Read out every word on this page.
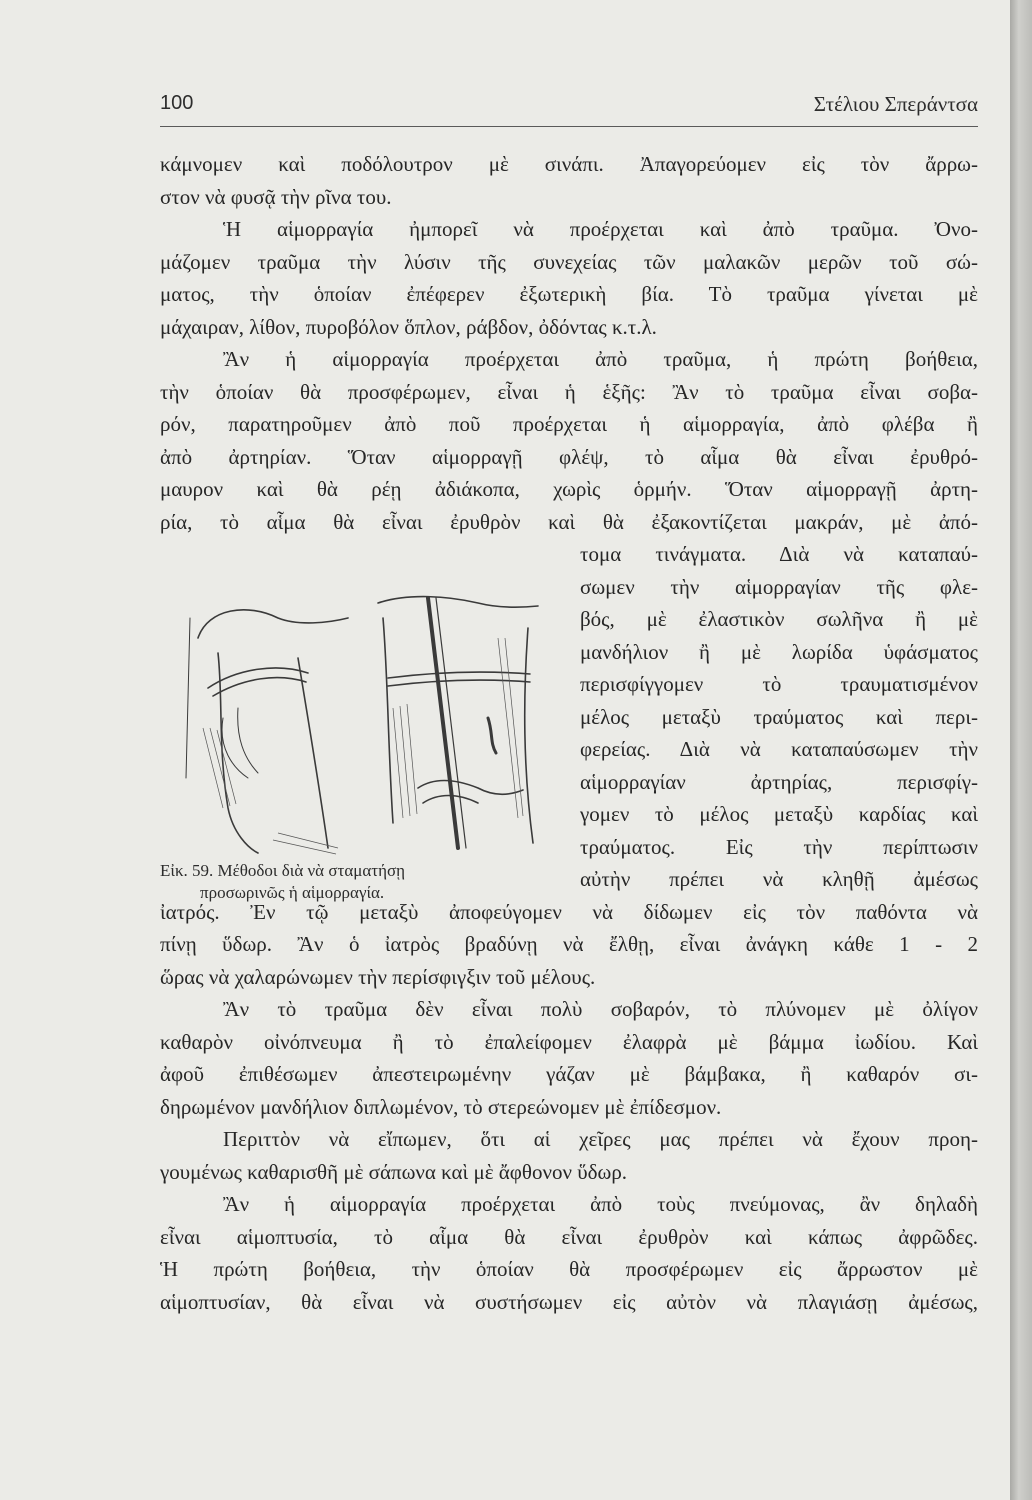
100	Στέλιου Σπεράντσα
κάμνομεν καὶ ποδόλουτρον μὲ σινάπι. Ἀπαγορεύομεν εἰς τὸν ἄρρω-
στον νὰ φυσᾷ τὴν ρῖνα του.
Ἡ αἱμορραγία ἠμπορεῖ νὰ προέρχεται καὶ ἀπὸ τραῦμα. Ὀνο-
μάζομεν τραῦμα τὴν λύσιν τῆς συνεχείας τῶν μαλακῶν μερῶν τοῦ σώ-
ματος, τὴν ὁποίαν ἐπέφερεν ἐξωτερικὴ βία. Τὸ τραῦμα γίνεται μὲ
μάχαιραν, λίθον, πυροβόλον ὅπλον, ράβδον, ὀδόντας κ.τ.λ.
Ἂν ἡ αἱμορραγία προέρχεται ἀπὸ τραῦμα, ἡ πρώτη βοήθεια,
τὴν ὁποίαν θὰ προσφέρωμεν, εἶναι ἡ ἑξῆς: Ἂν τὸ τραῦμα εἶναι σοβα-
ρόν, παρατηροῦμεν ἀπὸ ποῦ προέρχεται ἡ αἱμορραγία, ἀπὸ φλέβα ἢ
ἀπὸ ἀρτηρίαν. Ὅταν αἱμορραγῇ φλέψ, τὸ αἷμα θὰ εἶναι ἐρυθρό-
μαυρον καὶ θὰ ρέῃ ἀδιάκοπα, χωρὶς ὁρμήν. Ὅταν αἱμορραγῇ ἀρτη-
ρία, τὸ αἷμα θὰ εἶναι ἐρυθρὸν καὶ θὰ ἐξακοντίζεται μακράν, μὲ ἀπό-
τομα τινάγματα. Διὰ νὰ καταπαύ-
σωμεν τὴν αἱμορραγίαν τῆς φλε-
βός, μὲ ἐλαστικὸν σωλῆνα ἢ μὲ
μανδήλιον ἢ μὲ λωρίδα ὑφάσματος
περισφίγγομεν τὸ τραυματισμένον
μέλος μεταξὺ τραύματος καὶ περι-
φερείας. Διὰ νὰ καταπαύσωμεν τὴν
αἱμορραγίαν ἀρτηρίας, περισφίγ-
γομεν τὸ μέλος μεταξὺ καρδίας καὶ
τραύματος. Εἰς τὴν περίπτωσιν
αὐτὴν πρέπει νὰ κληθῇ ἀμέσως
ἰατρός. Ἐν τῷ μεταξὺ ἀποφεύγομεν νὰ δίδωμεν εἰς τὸν παθόντα νὰ
πίνῃ ὕδωρ. Ἂν ὁ ἰατρὸς βραδύνῃ νὰ ἔλθῃ, εἶναι ἀνάγκη κάθε 1 - 2
ὥρας νὰ χαλαρώνωμεν τὴν περίσφιγξιν τοῦ μέλους.
Ἂν τὸ τραῦμα δὲν εἶναι πολὺ σοβαρόν, τὸ πλύνομεν μὲ ὀλίγον
καθαρὸν οἰνόπνευμα ἢ τὸ ἐπαλείφομεν ἐλαφρὰ μὲ βάμμα ἰωδίου. Καὶ
ἀφοῦ ἐπιθέσωμεν ἀπεστειρωμένην γάζαν μὲ βάμβακα, ἢ καθαρόν σι-
δηρωμένον μανδήλιον διπλωμένον, τὸ στερεώνομεν μὲ ἐπίδεσμον.
Περιττὸν νὰ εἴπωμεν, ὅτι αἱ χεῖρες μας πρέπει νὰ ἔχουν προη-
γουμένως καθαρισθῆ μὲ σάπωνα καὶ μὲ ἄφθονον ὕδωρ.
Ἂν ἡ αἱμορραγία προέρχεται ἀπὸ τοὺς πνεύμονας, ἂν δηλαδὴ
εἶναι αἱμοπτυσία, τὸ αἷμα θὰ εἶναι ἐρυθρὸν καὶ κάπως ἀφρῶδες.
Ἡ πρώτη βοήθεια, τὴν ὁποίαν θὰ προσφέρωμεν εἰς ἄρρωστον μὲ
αἱμοπτυσίαν, θὰ εἶναι νὰ συστήσωμεν εἰς αὐτὸν νὰ πλαγιάσῃ ἀμέσως,
Εἰκ. 59. Μέθοδοι διὰ νὰ σταματήσῃ
προσωρινῶς ἡ αἱμορραγία.
